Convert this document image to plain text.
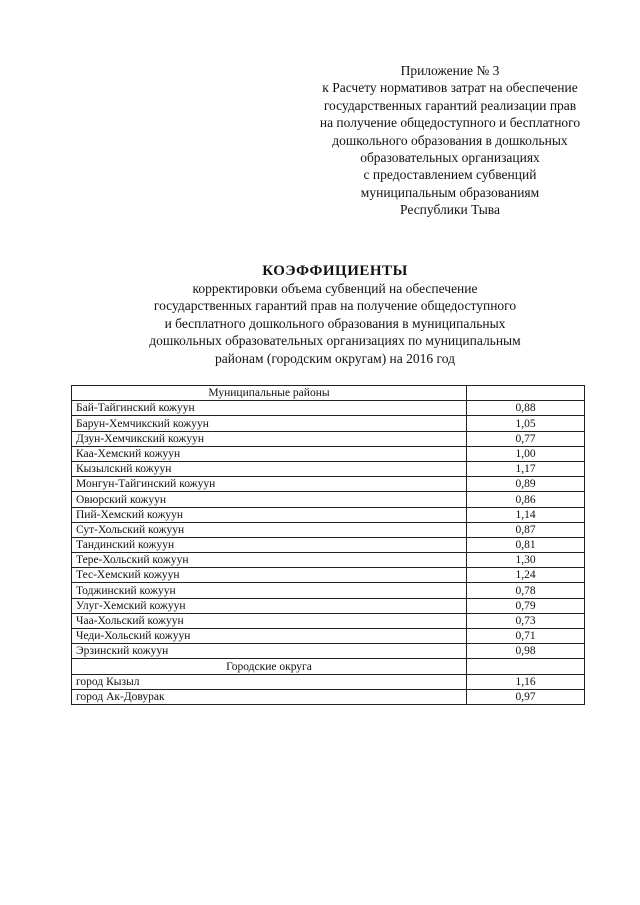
Приложение № 3
к Расчету нормативов затрат на обеспечение
государственных гарантий реализации прав
на получение общедоступного и бесплатного
дошкольного образования в дошкольных
образовательных организациях
с предоставлением субвенций
муниципальным образованиям
Республики Тыва
КОЭФФИЦИЕНТЫ
корректировки объема субвенций на обеспечение
государственных гарантий прав на получение общедоступного
и бесплатного дошкольного образования в муниципальных
дошкольных образовательных организациях по муниципальным
районам (городским округам) на 2016 год
Муниципальные районы	
Бай-Тайгинский кожуун	0,88
Барун-Хемчикский кожуун	1,05
Дзун-Хемчикский кожуун	0,77
Каа-Хемский кожуун	1,00
Кызылский кожуун	1,17
Монгун-Тайгинский кожуун	0,89
Овюрский кожуун	0,86
Пий-Хемский кожуун	1,14
Сут-Хольский кожуун	0,87
Тандинский кожуун	0,81
Тере-Хольский кожуун	1,30
Тес-Хемский кожуун	1,24
Тоджинский кожуун	0,78
Улуг-Хемский кожуун	0,79
Чаа-Хольский кожуун	0,73
Чеди-Хольский кожуун	0,71
Эрзинский кожуун	0,98
Городские округа	
город Кызыл	1,16
город Ак-Довурак	0,97
